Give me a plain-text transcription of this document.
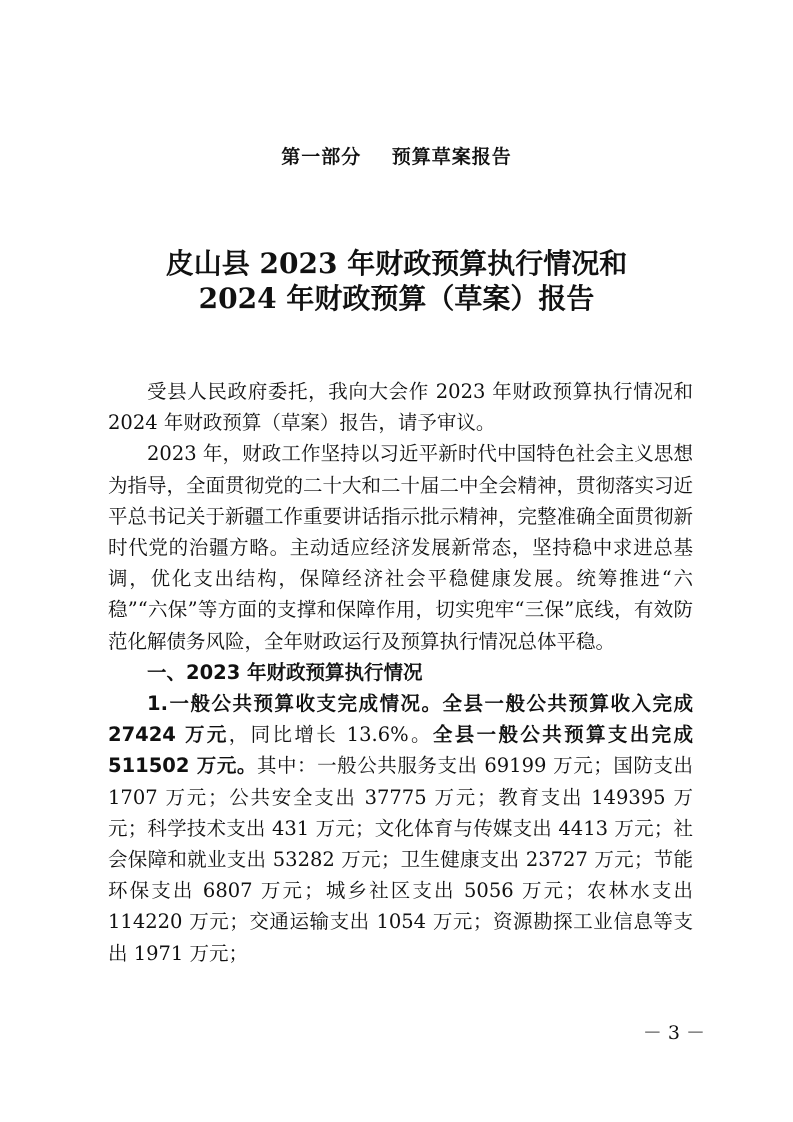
第一部分    预算草案报告
皮山县 2023 年财政预算执行情况和
2024 年财政预算（草案）报告

受县人民政府委托，我向大会作 2023 年财政预算执行情况和 2024 年财政预算（草案）报告，请予审议。

2023 年，财政工作坚持以习近平新时代中国特色社会主义思想为指导，全面贯彻党的二十大和二十届二中全会精神，贯彻落实习近平总书记关于新疆工作重要讲话指示批示精神，完整准确全面贯彻新时代党的治疆方略。主动适应经济发展新常态，坚持稳中求进总基调，优化支出结构，保障经济社会平稳健康发展。统筹推进“六稳”“六保”等方面的支撑和保障作用，切实兜牢“三保”底线，有效防范化解债务风险，全年财政运行及预算执行情况总体平稳。

一、2023 年财政预算执行情况

1.一般公共预算收支完成情况。全县一般公共预算收入完成 27424 万元，同比增长 13.6%。全县一般公共预算支出完成 511502 万元。其中：一般公共服务支出 69199 万元；国防支出 1707 万元；公共安全支出 37775 万元；教育支出 149395 万元；科学技术支出 431 万元；文化体育与传媒支出 4413 万元；社会保障和就业支出 53282 万元；卫生健康支出 23727 万元；节能环保支出 6807 万元；城乡社区支出 5056 万元；农林水支出 114220 万元；交通运输支出 1054 万元；资源勘探工业信息等支出 1971 万元；

－ 3 －
